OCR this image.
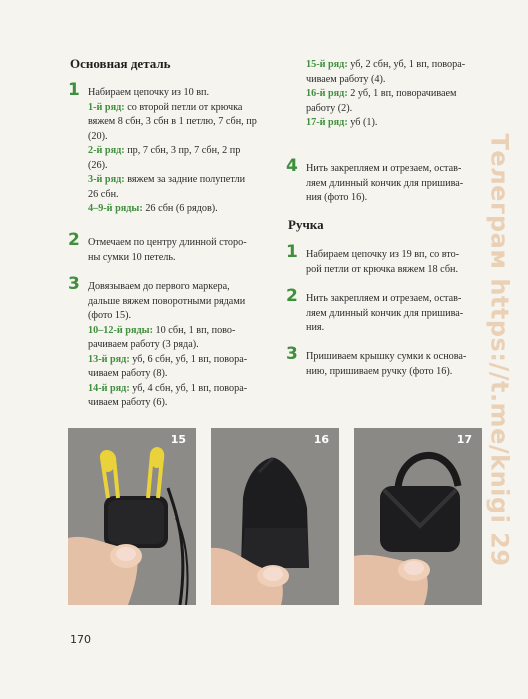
Основная деталь
1 Набираем цепочку из 10 вп.
1-й ряд: со второй петли от крючка
вяжем 8 сбн, 3 сбн в 1 петлю, 7 сбн, пр
(20).
2-й ряд: пр, 7 сбн, 3 пр, 7 сбн, 2 пр
(26).
3-й ряд: вяжем за задние полупетли
26 сбн.
4–9-й ряды: 26 сбн (6 рядов).
2 Отмечаем по центру длинной сторо-
ны сумки 10 петель.
3 Довязываем до первого маркера,
дальше вяжем поворотными рядами
(фото 15).
10–12-й ряды: 10 сбн, 1 вп, пово-
рачиваем работу (3 ряда).
13-й ряд: уб, 6 сбн, уб, 1 вп, повора-
чиваем работу (8).
14-й ряд: уб, 4 сбн, уб, 1 вп, повора-
чиваем работу (6).
15-й ряд: уб, 2 сбн, уб, 1 вп, повора-
чиваем работу (4).
16-й ряд: 2 уб, 1 вп, поворачиваем
работу (2).
17-й ряд: уб (1).
4 Нить закрепляем и отрезаем, остав-
ляем длинный кончик для пришива-
ния (фото 16).
Ручка
1 Набираем цепочку из 19 вп, со вто-
рой петли от крючка вяжем 18 сбн.
2 Нить закрепляем и отрезаем, остав-
ляем длинный кончик для пришива-
ния.
3 Пришиваем крышку сумки к основа-
нию, пришиваем ручку (фото 16).	Телеграм https://t.me/knigi 29
15	16	17
170
